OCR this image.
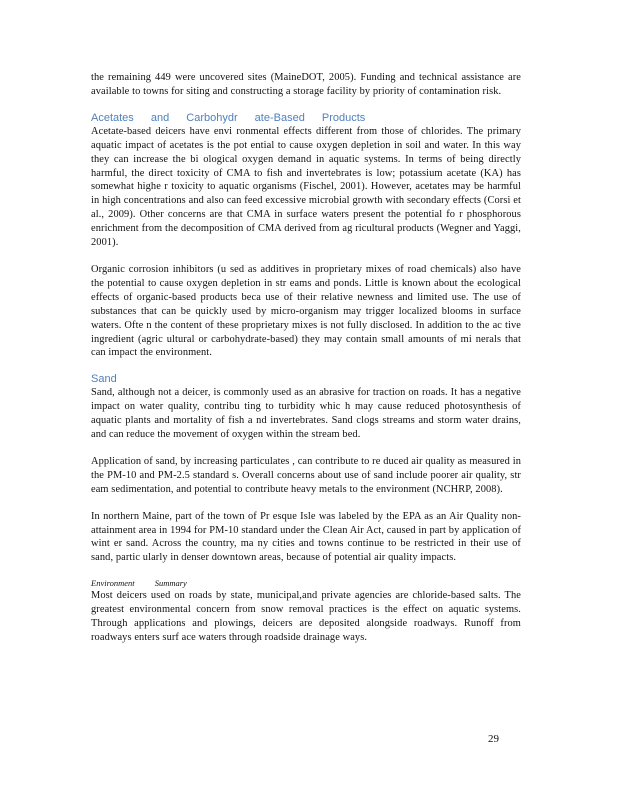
the remaining 449 were uncovered sites (MaineDOT, 2005). Funding and technical assistance are available to towns for siting and constructing a storage facility by priority of contamination risk.

Acetates and Carbohydr ate-Based Products

Acetate-based deicers have envi ronmental effects different from those of chlorides. The primary aquatic impact of acetates is the pot ential to cause oxygen depletion in soil and water. In this way they can increase the bi ological oxygen demand in aquatic systems. In terms of being directly harmful, the direct toxicity of CMA to fish and invertebrates is low; potassium acetate (KA) has somewhat highe r toxicity to aquatic organisms (Fischel, 2001). However, acetates may be harmful in high concentrations and also can feed excessive microbial growth with secondary effects (Corsi et al., 2009). Other concerns are that CMA in surface waters present the potential fo r phosphorous enrichment from the decomposition of CMA derived from ag ricultural products (Wegner and Yaggi, 2001).

Organic corrosion inhibitors (u sed as additives in proprietary mixes of road chemicals) also have the potential to cause oxygen depletion in str eams and ponds. Little is known about the ecological effects of organic-based products beca use of their relative newness and limited use. The use of substances that can be quickly used by micro-organism may trigger localized blooms in surface waters. Ofte n the content of these proprietary mixes is not fully disclosed. In addition to the ac tive ingredient (agric ultural or carbohydrate-based) they may contain small amounts of mi nerals that can impact the environment.

Sand

Sand, although not a deicer, is commonly used as an abrasive for traction on roads. It has a negative impact on water quality, contribu ting to turbidity whic h may cause reduced photosynthesis of aquatic plants and mortality of fish a nd invertebrates. Sand clogs streams and storm water drains, and can reduce the movement of oxygen within the stream bed.

Application of sand, by increasing particulates , can contribute to re duced air quality as measured in the PM-10 and PM-2.5 standard s. Overall concerns about use of sand include poorer air quality, str eam sedimentation, and potential to contribute heavy metals to the environment (NCHRP, 2008).

In northern Maine, part of the town of Pr esque Isle was labeled by the EPA as an Air Quality non-attainment area in 1994 for PM-10 standard under the Clean Air Act, caused in part by application of wint er sand. Across the country, ma ny cities and towns continue to be restricted in their use of sand, partic ularly in denser downtown areas, because of potential air quality impacts.

Environment Summary

Most deicers used on roads by state, municipal,and private agencies are chloride-based salts. The greatest environmental concern from snow removal practices is the effect on aquatic systems. Through applications and plowings, deicers are deposited alongside roadways. Runoff from roadways enters surf ace waters through roadside drainage ways.

29
